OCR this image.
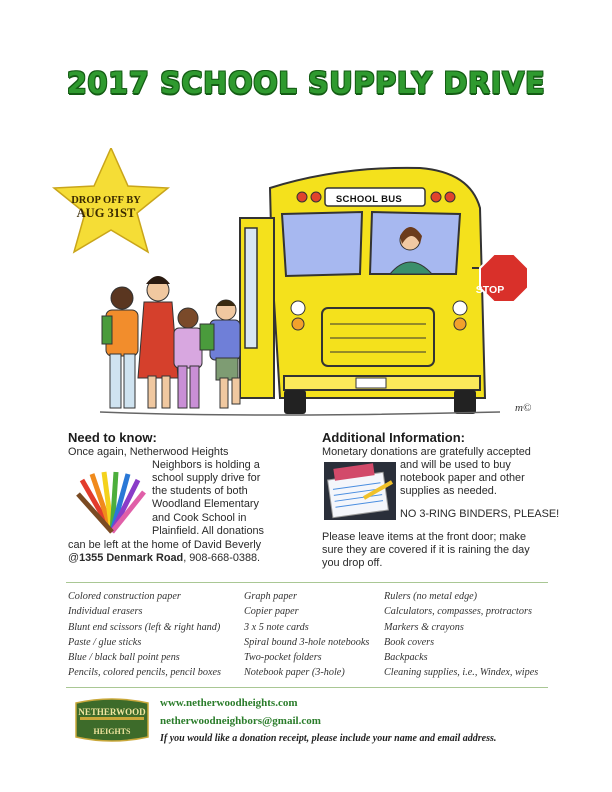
2017 SCHOOL SUPPLY DRIVE
m©
DROP OFF BY
AUG 31ST
SCHOOL BUS
STOP
Need to know:
Once again, Netherwood Heights
Neighbors is holding a
school supply drive for
the students of both
Woodland Elementary
and Cook School in
Plainfield. All donations
can be left at the home of David Beverly
@1355 Denmark Road, 908-668-0388.
Additional Information:
Monetary donations are gratefully accepted
and will be used to buy
notebook paper and other
supplies as needed.
NO 3-RING BINDERS, PLEASE!
Please leave items at the front door; make
sure they are covered if it is raining the day
you drop off.
Colored construction paper
Individual erasers
Blunt end scissors (left & right hand)
Paste / glue sticks
Blue / black ball point pens
Pencils, colored pencils, pencil boxes
Graph paper
Copier paper
3 x 5 note cards
Spiral bound 3-hole notebooks
Two-pocket folders
Notebook paper (3-hole)
Rulers (no metal edge)
Calculators, compasses, protractors
Markers & crayons
Book covers
Backpacks
Cleaning supplies, i.e., Windex, wipes
NETHERWOOD
HEIGHTS
www.netherwoodheights.com
netherwoodneighbors@gmail.com
If you would like a donation receipt, please include your name and email address.
